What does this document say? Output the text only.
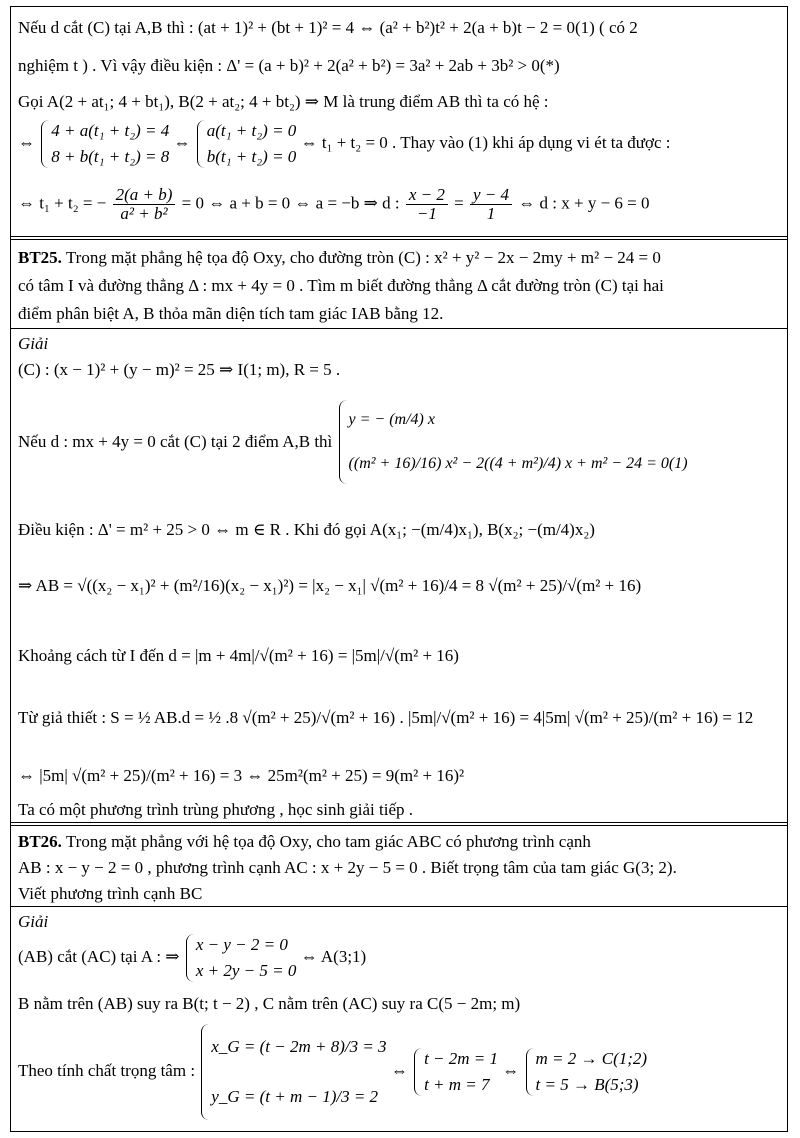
Nếu d cắt (C) tại A,B thì : (at + 1)² + (bt + 1)² = 4 ⇔ (a² + b²)t² + 2(a + b)t − 2 = 0(1) ( có 2
nghiệm t ) . Vì vậy điều kiện : Δ' = (a + b)² + 2(a² + b²) = 3a² + 2ab + 3b² > 0(*)
Gọi A(2 + at₁; 4 + bt₁), B(2 + at₂; 4 + bt₂) ⇒ M là trung điểm AB thì ta có hệ :
⇔
4 + a(t₁ + t₂) = 4
8 + b(t₁ + t₂) = 8
⇔
a(t₁ + t₂) = 0
b(t₁ + t₂) = 0
⇔ t₁ + t₂ = 0 . Thay vào (1) khi áp dụng vi ét ta được :
⇔ t₁ + t₂ = − $\frac{2(a + b)}{\text{a² + b²}} = 0$ ⇔ a + b = 0 ⇔ a = −b ⇒ d : $\frac{x - 2}{-1} = \frac{y - 4}{1}$ ⇔ d : x + y − 6 = 0
BT25. Trong mặt phẳng hệ tọa độ Oxy, cho đường tròn (C) : x² + y² − 2x − 2my + m² − 24 = 0
có tâm I và đường thẳng Δ : mx + 4y = 0 . Tìm m biết đường thẳng Δ cắt đường tròn (C) tại hai
điểm phân biệt A, B thỏa mãn diện tích tam giác IAB bằng 12.
Giải
(C) : (x − 1)² + (y − m)² = 25 ⇒ I(1; m), R = 5 .
Nếu d : mx + 4y = 0 cắt (C) tại 2 điểm A,B thì
y = − (m/4) x
((m² + 16)/16) x² − 2((4 + m²)/4) x + m² − 24 = 0(1)
Điều kiện : Δ' = m² + 25 > 0 ⇔ m ∈ R . Khi đó gọi A(x₁; −(m/4)x₁), B(x₂; −(m/4)x₂)
⇒ AB = √((x₂ − x₁)² + (m²/16)(x₂ − x₁)²) = |x₂ − x₁| √(m² + 16)/4 = 8 √(m² + 25)/√(m² + 16)
Khoảng cách từ I đến d = |m + 4m|/√(m² + 16) = |5m|/√(m² + 16)
Từ giả thiết : S = ½ AB.d = ½ .8 √(m² + 25)/√(m² + 16) . |5m|/√(m² + 16) = 4|5m| √(m² + 25)/(m² + 16) = 12
⇔ |5m| √(m² + 25)/(m² + 16) = 3 ⇔ 25m²(m² + 25) = 9(m² + 16)²
Ta có một phương trình trùng phương , học sinh giải tiếp .
BT26. Trong mặt phẳng với hệ tọa độ Oxy, cho tam giác ABC có phương trình cạnh
AB : x − y − 2 = 0 , phương trình cạnh AC : x + 2y − 5 = 0 . Biết trọng tâm của tam giác G(3; 2).
Viết phương trình cạnh BC
Giải
(AB) cắt (AC) tại A : ⇒
x − y − 2 = 0
x + 2y − 5 = 0
⇔ A(3;1)
B nằm trên (AB) suy ra B(t; t − 2) , C nằm trên (AC) suy ra C(5 − 2m; m)
Theo tính chất trọng tâm :
x_G = (t − 2m + 8)/3 = 3
y_G = (t + m − 1)/3 = 2
⇔
t − 2m = 1
t + m = 7
⇔
m = 2 → C(1;2)
t = 5 → B(5;3)
